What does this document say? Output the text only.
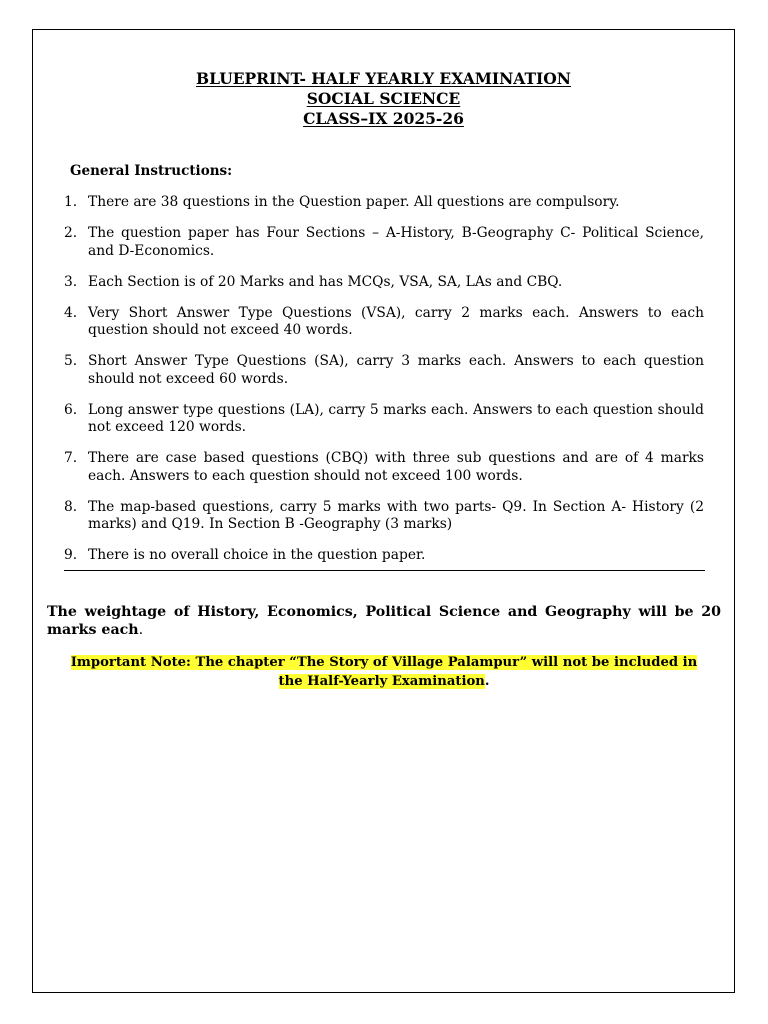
BLUEPRINT- HALF YEARLY EXAMINATION
SOCIAL SCIENCE
CLASS–IX 2025-26
General Instructions:
1. There are 38 questions in the Question paper. All questions are compulsory.
2. The question paper has Four Sections – A-History, B-Geography C- Political Science, and D-Economics.
3. Each Section is of 20 Marks and has MCQs, VSA, SA, LAs and CBQ.
4. Very Short Answer Type Questions (VSA), carry 2 marks each. Answers to each question should not exceed 40 words.
5. Short Answer Type Questions (SA), carry 3 marks each. Answers to each question should not exceed 60 words.
6. Long answer type questions (LA), carry 5 marks each. Answers to each question should not exceed 120 words.
7. There are case based questions (CBQ) with three sub questions and are of 4 marks each. Answers to each question should not exceed 100 words.
8. The map-based questions, carry 5 marks with two parts- Q9. In Section A- History (2 marks) and Q19. In Section B -Geography (3 marks)
9. There is no overall choice in the question paper.
The weightage of History, Economics, Political Science and Geography will be 20 marks each.
Important Note: The chapter “The Story of Village Palampur” will not be included in
the Half-Yearly Examination.
